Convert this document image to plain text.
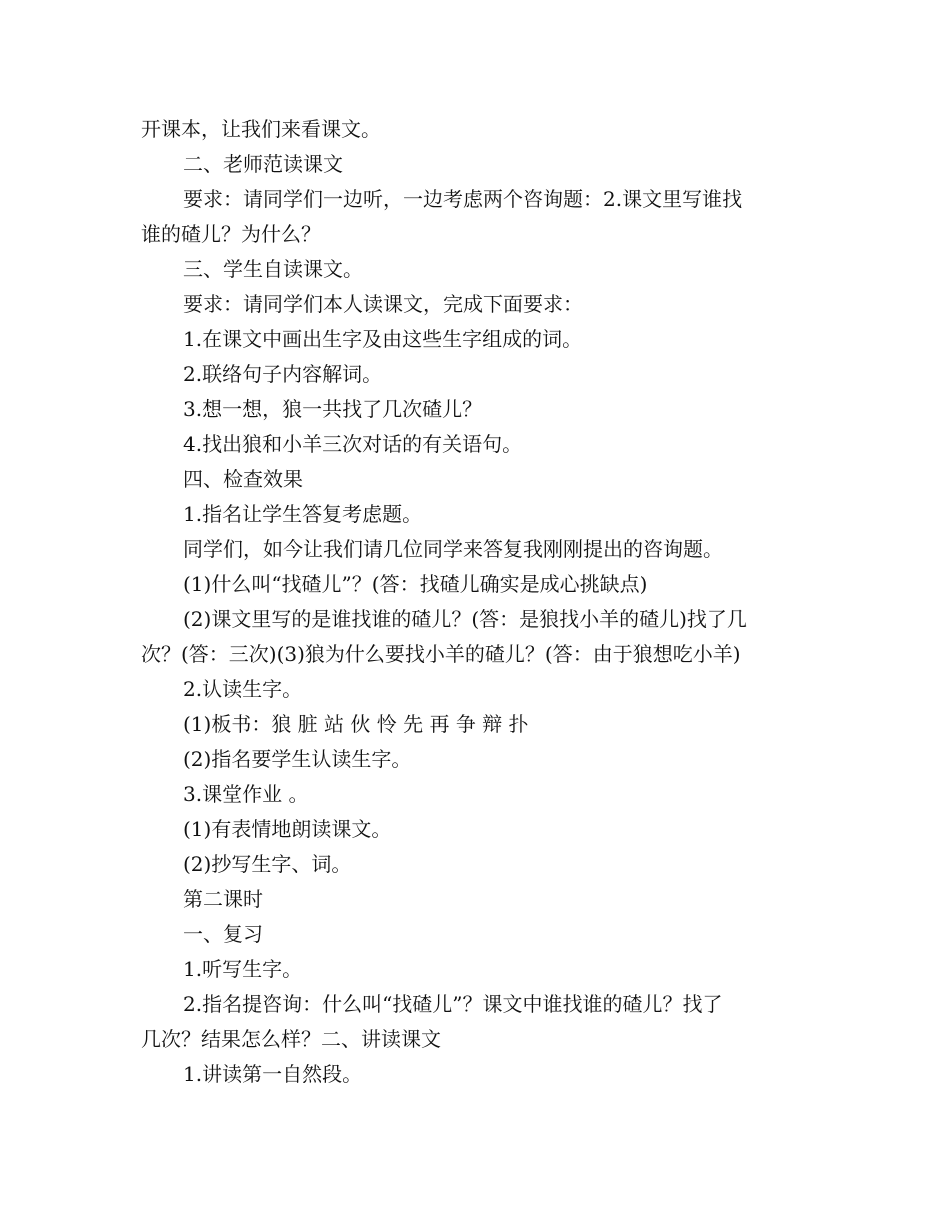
开课本，让我们来看课文。
二、老师范读课文
要求：请同学们一边听，一边考虑两个咨询题：2.课文里写谁找
谁的碴儿？为什么？
三、学生自读课文。
要求：请同学们本人读课文，完成下面要求：
1.在课文中画出生字及由这些生字组成的词。
2.联络句子内容解词。
3.想一想，狼一共找了几次碴儿？
4.找出狼和小羊三次对话的有关语句。
四、检查效果
1.指名让学生答复考虑题。
同学们，如今让我们请几位同学来答复我刚刚提出的咨询题。
(1)什么叫“找碴儿”？(答：找碴儿确实是成心挑缺点)
(2)课文里写的是谁找谁的碴儿？(答：是狼找小羊的碴儿)找了几
次？(答：三次)(3)狼为什么要找小羊的碴儿？(答：由于狼想吃小羊)
2.认读生字。
(1)板书：狼 脏 站 伙 怜 先 再 争 辩 扑
(2)指名要学生认读生字。
3.课堂作业 。
(1)有表情地朗读课文。
(2)抄写生字、词。
第二课时
一、复习
1.听写生字。
2.指名提咨询：什么叫“找碴儿”？课文中谁找谁的碴儿？找了
几次？结果怎么样？二、讲读课文
1.讲读第一自然段。
